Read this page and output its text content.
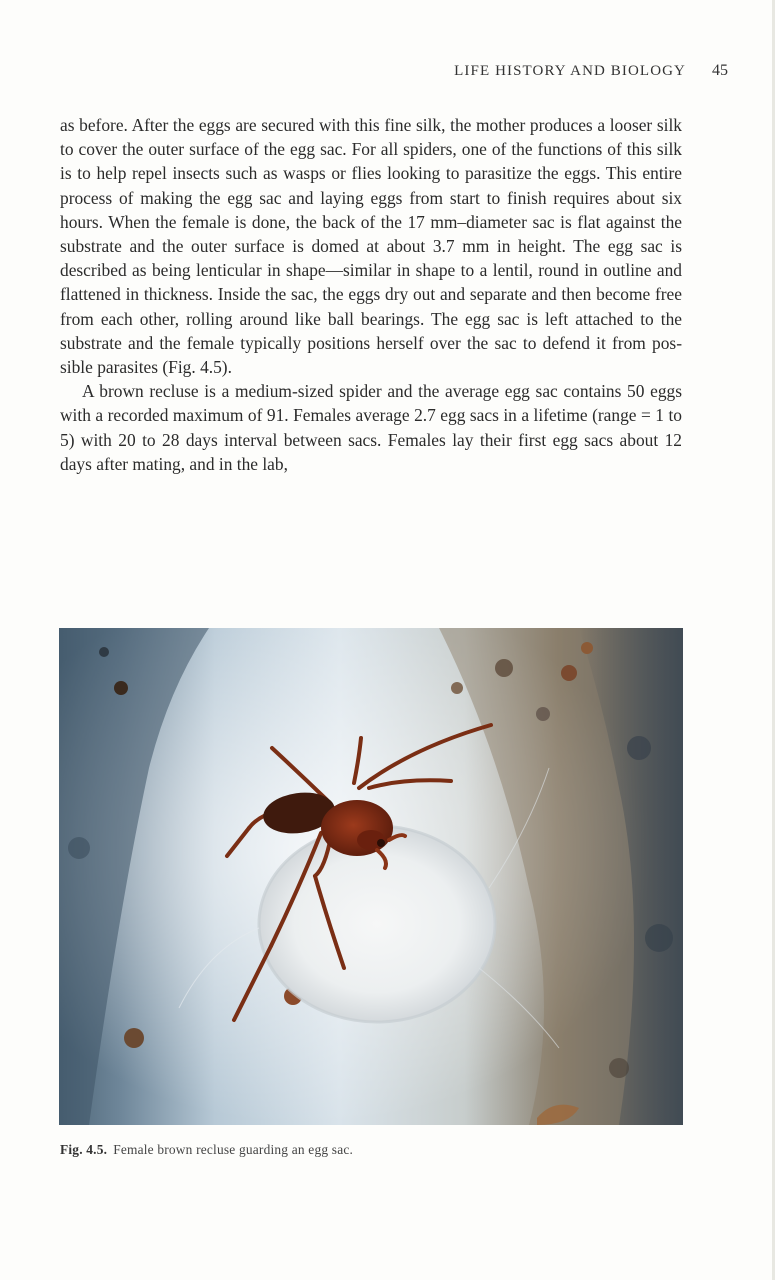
LIFE HISTORY AND BIOLOGY 45

as before. After the eggs are secured with this fine silk, the mother produces a looser silk to cover the outer surface of the egg sac. For all spiders, one of the functions of this silk is to help repel insects such as wasps or flies looking to parasitize the eggs. This entire process of making the egg sac and laying eggs from start to finish requires about six hours. When the female is done, the back of the 17 mm–diameter sac is flat against the substrate and the outer surface is domed at about 3.7 mm in height. The egg sac is described as being lenticular in shape—similar in shape to a lentil, round in outline and flattened in thickness. Inside the sac, the eggs dry out and separate and then become free from each other, rolling around like ball bearings. The egg sac is left attached to the substrate and the female typically positions herself over the sac to defend it from possible parasites (Fig. 4.5).

A brown recluse is a medium-sized spider and the average egg sac contains 50 eggs with a recorded maximum of 91. Females average 2.7 egg sacs in a lifetime (range = 1 to 5) with 20 to 28 days interval between sacs. Females lay their first egg sacs about 12 days after mating, and in the lab,

Fig. 4.5. Female brown recluse guarding an egg sac.
